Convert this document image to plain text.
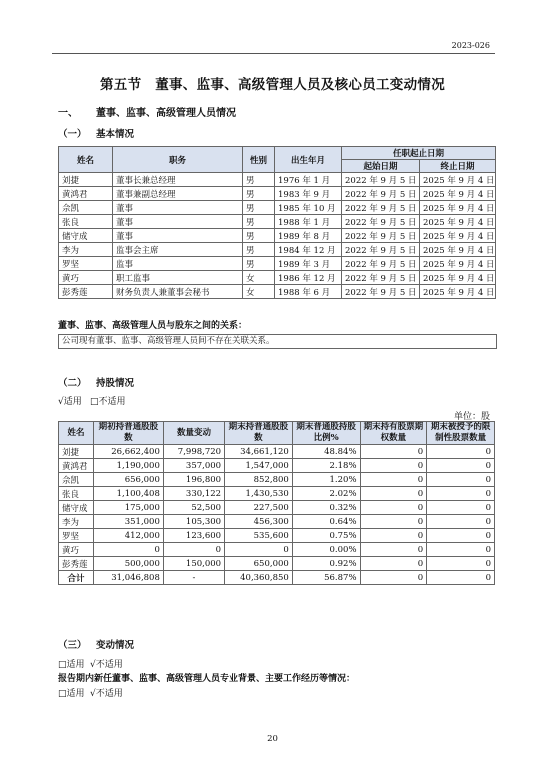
2023-026
第五节　董事、监事、高级管理人员及核心员工变动情况
一、 董事、监事、高级管理人员情况
（一） 基本情况
姓名	职务	性别	出生年月	任职起止日期	
				起始日期	终止日期
刘捷	董事长兼总经理	男	1976 年 1 月	2022 年 9 月 5 日	2025 年 9 月 4 日
黄鸿君	董事兼副总经理	男	1983 年 9 月	2022 年 9 月 5 日	2025 年 9 月 4 日
佘凯	董事	男	1985 年 10 月	2022 年 9 月 5 日	2025 年 9 月 4 日
张良	董事	男	1988 年 1 月	2022 年 9 月 5 日	2025 年 9 月 4 日
储守成	董事	男	1989 年 8 月	2022 年 9 月 5 日	2025 年 9 月 4 日
李为	监事会主席	男	1984 年 12 月	2022 年 9 月 5 日	2025 年 9 月 4 日
罗坚	监事	男	1989 年 3 月	2022 年 9 月 5 日	2025 年 9 月 4 日
黄巧	职工监事	女	1986 年 12 月	2022 年 9 月 5 日	2025 年 9 月 4 日
彭秀莲	财务负责人兼董事会秘书	女	1988 年 6 月	2022 年 9 月 5 日	2025 年 9 月 4 日
董事、监事、高级管理人员与股东之间的关系：
公司现有董事、监事、高级管理人员间不存在关联关系。
（二） 持股情况
√适用 □不适用
单位：股
姓名	期初持普通股股数	数量变动	期末持普通股股数	期末普通股持股比例%	期末持有股票期权数量	期末被授予的限制性股票数量
刘捷	26,662,400	7,998,720	34,661,120	48.84%	0	0
黄鸿君	1,190,000	357,000	1,547,000	2.18%	0	0
佘凯	656,000	196,800	852,800	1.20%	0	0
张良	1,100,408	330,122	1,430,530	2.02%	0	0
储守成	175,000	52,500	227,500	0.32%	0	0
李为	351,000	105,300	456,300	0.64%	0	0
罗坚	412,000	123,600	535,600	0.75%	0	0
黄巧	0	0	0	0.00%	0	0
彭秀莲	500,000	150,000	650,000	0.92%	0	0
合计	31,046,808	-	40,360,850	56.87%	0	0
（三） 变动情况
□适用 √不适用
报告期内新任董事、监事、高级管理人员专业背景、主要工作经历等情况：
□适用 √不适用
20
